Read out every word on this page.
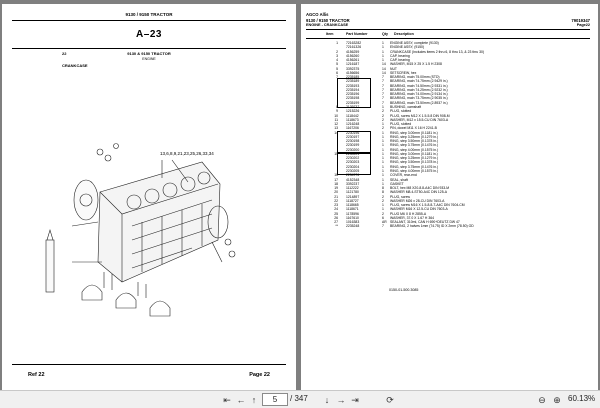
9130 / 9150 TRACTOR
A–23
22	9130 & 9150 TRACTOR
ENGINE
CRANKCASE
13,6,8,9,21,23,25,26,33,34
Ref 22	Page 22
AGCO Allis
9130 / 9150 TRACTOR	79019347
ENGINE - CRANKCASE	Page22
Item	Part Number	Qty Description
1 72163282	1 ENGINE ASSY, complete (9130)
72161326	1 ENGINE ASSY, (9150)
2 4156259	1 CRANKCASE (Includes items 2 thru 6, 8 thru 13, & 23 thru 30)
3 4156260	1 CAP, bearing
4 4156261	1 CAP, bearing
5 1216187	14 WASHER, M15 X 25 X 1.5 H 2308
5 3392375	14 NUT
6 4156656	14 SETSCREW, hex
7 2235185	7 BEARING, main 75.00mm (STD)
2235189	7 BEARING, main 74.75mm (2.9429 in.)
2235193	7 BEARING, main 74.50mm (2.9331 in.)
2235194	7 BEARING, main 74.25mm (2.9232 in.)
2235196	7 BEARING, main 74.00mm (2.9134 in.)
2235198	7 BEARING, main 73.75mm (2.9035 in.)
2235199	7 BEARING, main 73.50mm (2.8937 in.)
8 2139737	1 BUSHING, camshaft
9 1215226	2 PLUG, slotted
10 1118442	2 PLUG, screw M12 X 1.5-5.8 DIN 908-M
11 1118673	2 WASHER, M12 x 15.5-CU DIN 7603-A
12 1216248	1 PLUG, slotted
13 1167206	2 PIN, dowel M11 X 16 H 2241-B
14 2230196	1 RING, step 3.00mm (0.1181 in.)
2230197	1 RING, step 3.25mm (0.1279 in.)
2230198	1 RING, step 3.50mm (0.1378 in.)
2230199	1 RING, step 3.75mm (0.1476 in.)
2230200	1 RING, step 4.00mm (0.1575 in.)
15 2230201	1 RING, step 3.00mm (0.1181 in.)
2230202	1 RING, step 3.25mm (0.1279 in.)
2230203	1 RING, step 3.50mm (0.1378 in.)
2230204	1 RING, step 3.75mm (0.1476 in.)
2230205	1 RING, step 4.00mm (0.1575 in.)
16 2234976	1 COVER, rear-end
17 4152348	1 SEAL, shaft
18 3392237	1 GASKET
19 1112222	8 BOLT, hex M8 X20-8.8-A4C DIN 933-M
20 1121780	8 WASHER M8.4-ST50-A4C DIN 125-A
21 1214897	2 PLUG, screw
22 1118727	2 WASHER M26 x 28-CU DIN 7603-A
23 1118665	1 PLUG, screw M16 X 1.5-8.8-T-A4C DIN 7604-CM
24 1118671	1 WASHER M16 X 12.5-CU DIN 7603-A
25 1178596	2 PLUG M6 X 8 H 2855-A
26 1167610	6 WASHER, 37.0 X 1.67 H 364
27 1016383	AR SEALANT, 310ml, CAN H 690+DEUTZ DW 47
** 2235248	7 BEARING, 2 halves 1mm (74.75) ID X 2mm (78.50) OD
0150-01-500.3085
⇤ ← ↑	5	/ 347	↓ → ⇥	⟳	⊖ ⊕ 60.13%
